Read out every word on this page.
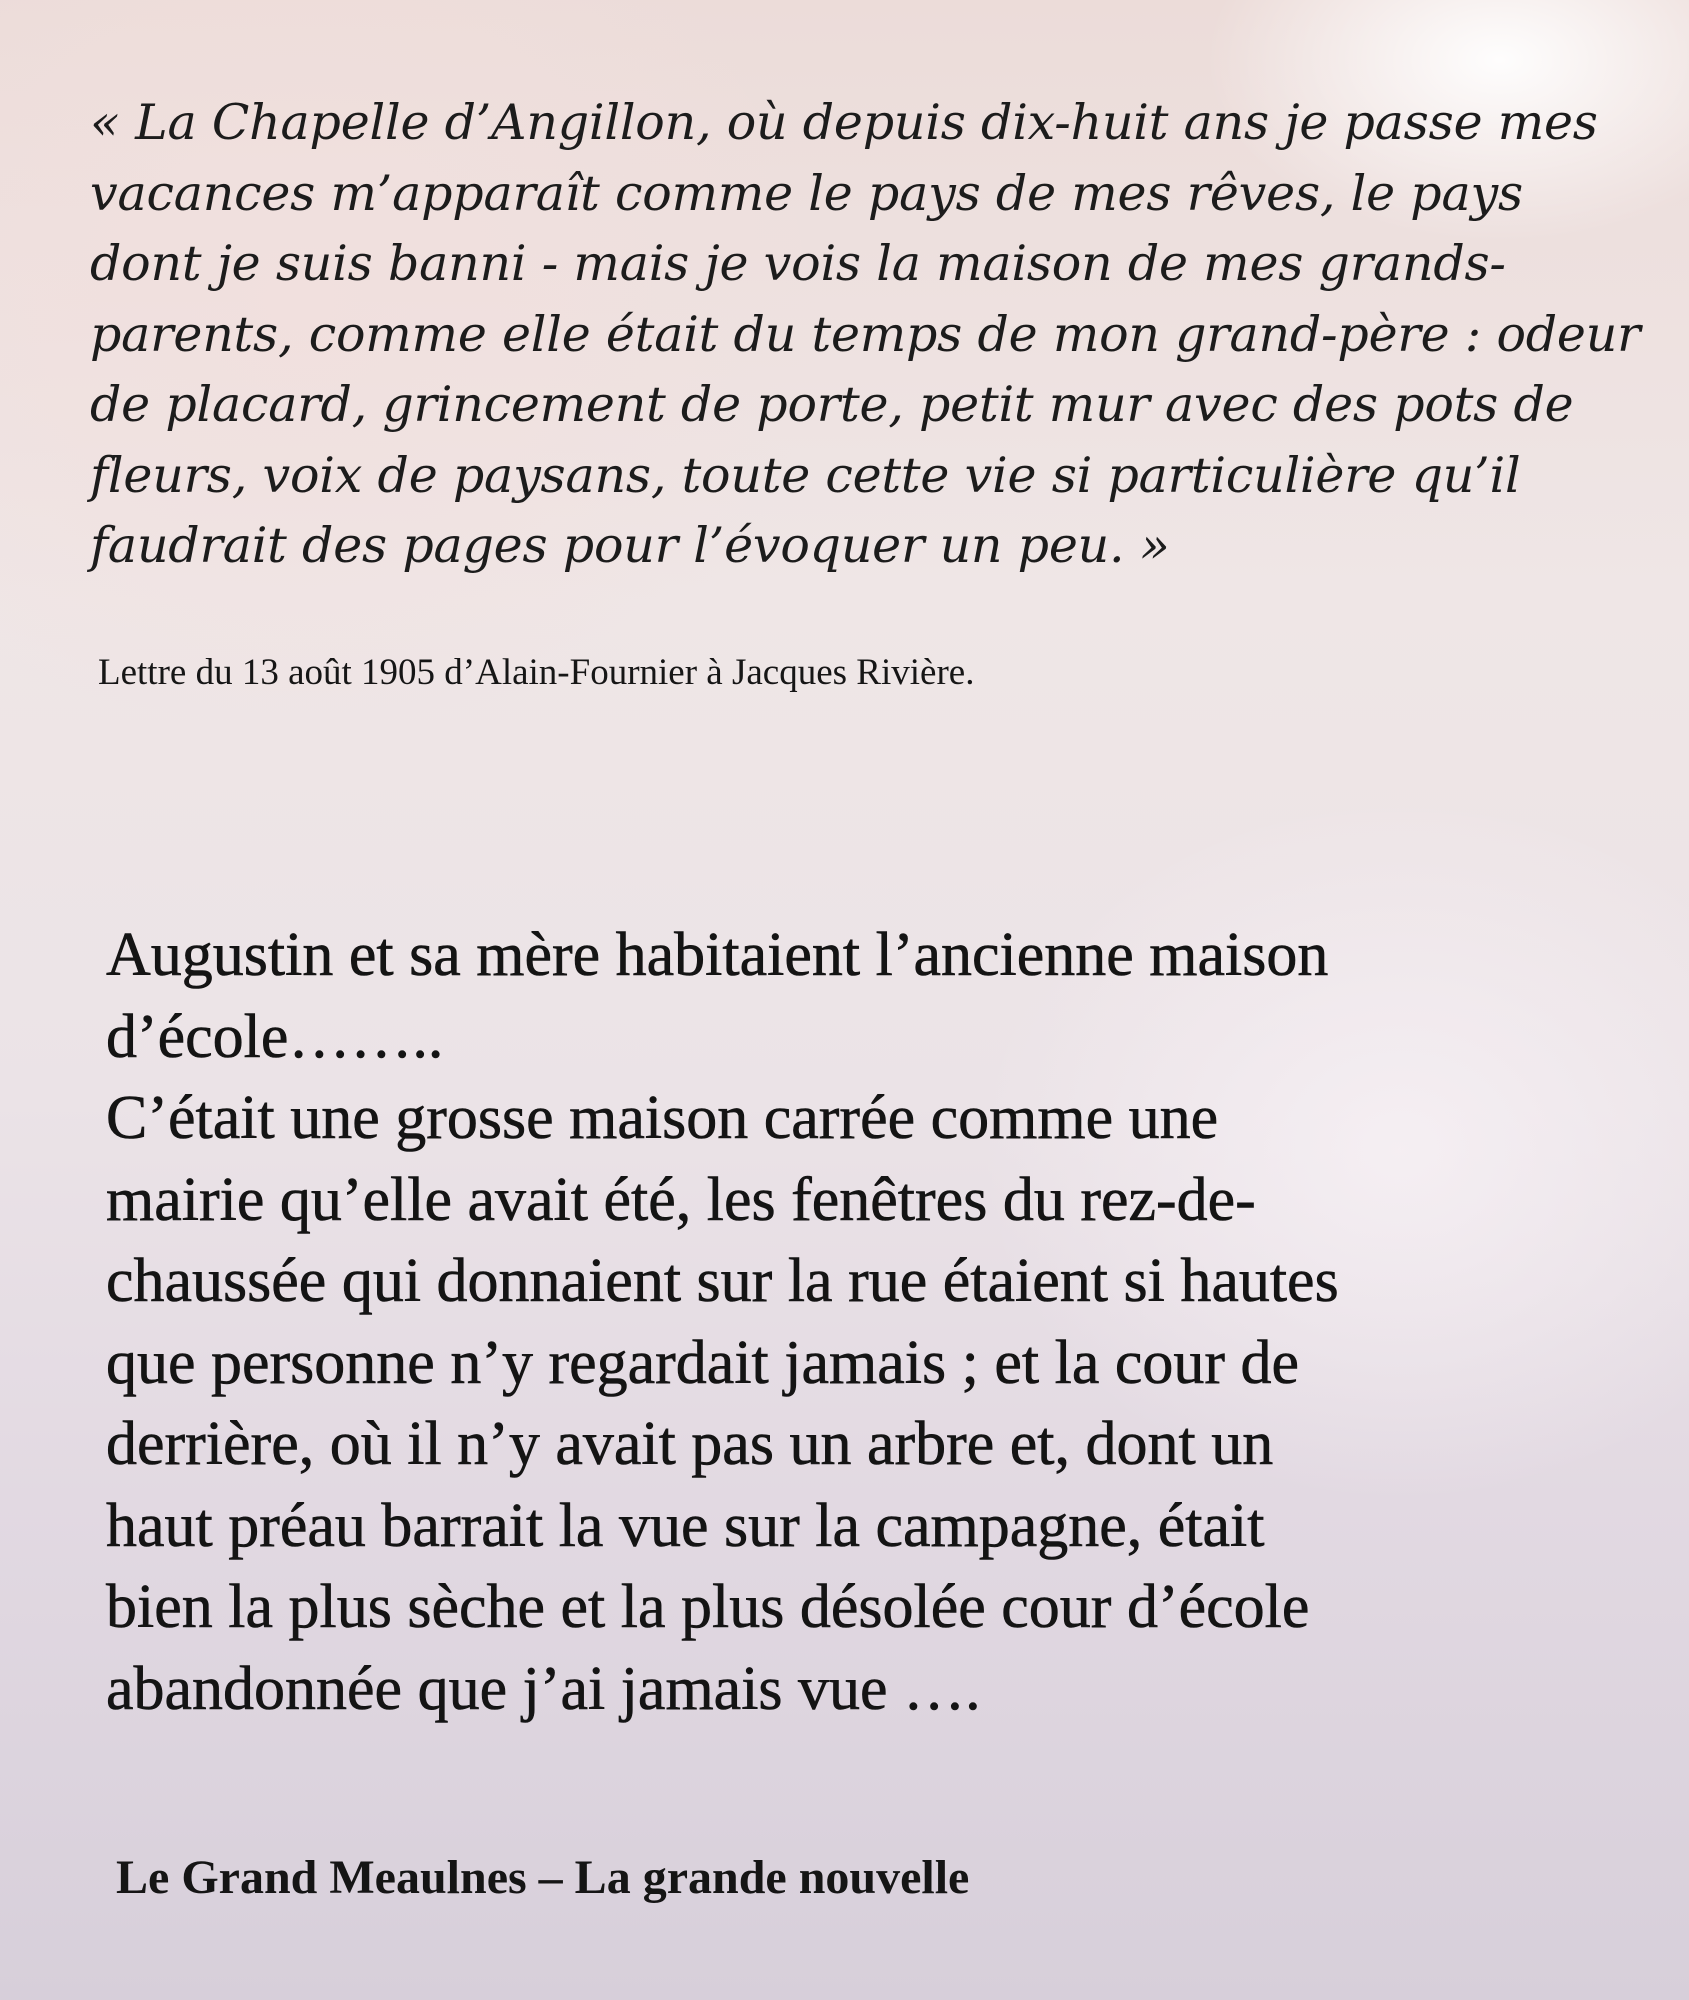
« La Chapelle d’Angillon, où depuis dix-huit ans je passe mes
vacances m’apparaît comme le pays de mes rêves, le pays
dont je suis banni - mais je vois la maison de mes grands-
parents, comme elle était du temps de mon grand-père : odeur
de placard, grincement de porte, petit mur avec des pots de
fleurs, voix de paysans, toute cette vie si particulière qu’il
faudrait des pages pour l’évoquer un peu. »

Lettre du 13 août 1905 d’Alain-Fournier à Jacques Rivière.

Augustin et sa mère habitaient l’ancienne maison
d’école……..
C’était une grosse maison carrée comme une
mairie qu’elle avait été, les fenêtres du rez-de-
chaussée qui donnaient sur la rue étaient si hautes
que personne n’y regardait jamais ; et la cour de
derrière, où il n’y avait pas un arbre et, dont un
haut préau barrait la vue sur la campagne, était
bien la plus sèche et la plus désolée cour d’école
abandonnée que j’ai jamais vue ….

Le Grand Meaulnes – La grande nouvelle
